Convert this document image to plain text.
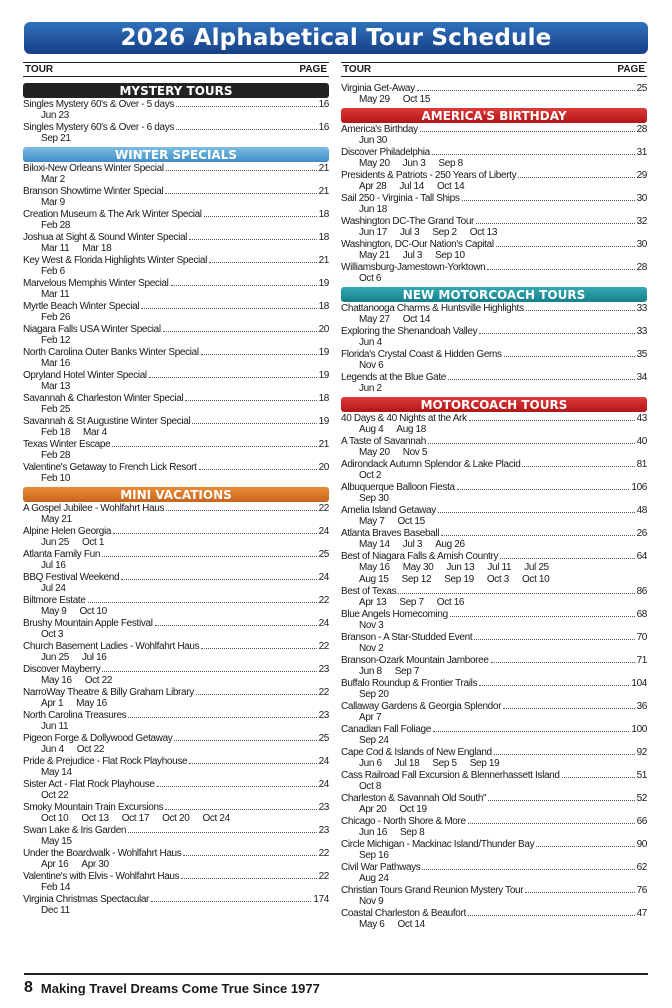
2026 Alphabetical Tour Schedule
TOUR	PAGE
MYSTERY TOURS
Singles Mystery 60's & Over - 5 days	16
Jun 23
Singles Mystery 60's & Over - 6 days	16
Sep 21
WINTER SPECIALS
Biloxi-New Orleans Winter Special	21
Mar 2
Branson Showtime Winter Special	21
Mar 9
Creation Museum & The Ark Winter Special	18
Feb 28
Joshua at Sight & Sound Winter Special	18
Mar 11 Mar 18
Key West & Florida Highlights Winter Special	21
Feb 6
Marvelous Memphis Winter Special	19
Mar 11
Myrtle Beach Winter Special	18
Feb 26
Niagara Falls USA Winter Special	20
Feb 12
North Carolina Outer Banks Winter Special	19
Mar 16
Opryland Hotel Winter Special	19
Mar 13
Savannah & Charleston Winter Special	18
Feb 25
Savannah & St Augustine Winter Special	19
Feb 18 Mar 4
Texas Winter Escape	21
Feb 28
Valentine's Getaway to French Lick Resort	20
Feb 10
MINI VACATIONS
A Gospel Jubilee - Wohlfahrt Haus	22
May 21
Alpine Helen Georgia	24
Jun 25 Oct 1
Atlanta Family Fun	25
Jul 16
BBQ Festival Weekend	24
Jul 24
Biltmore Estate	22
May 9 Oct 10
Brushy Mountain Apple Festival	24
Oct 3
Church Basement Ladies - Wohlfahrt Haus	22
Jun 25 Jul 16
Discover Mayberry	23
May 16 Oct 22
NarroWay Theatre & Billy Graham Library	22
Apr 1 May 16
North Carolina Treasures	23
Jun 11
Pigeon Forge & Dollywood Getaway	25
Jun 4 Oct 22
Pride & Prejudice - Flat Rock Playhouse	24
May 14
Sister Act - Flat Rock Playhouse	24
Oct 22
Smoky Mountain Train Excursions	23
Oct 10 Oct 13 Oct 17 Oct 20 Oct 24
Swan Lake & Iris Garden	23
May 15
Under the Boardwalk - Wohlfahrt Haus	22
Apr 16 Apr 30
Valentine's with Elvis - Wohlfahrt Haus	22
Feb 14
Virginia Christmas Spectacular	174
Dec 11
TOUR	PAGE
Virginia Get-Away	25
May 29 Oct 15
AMERICA'S BIRTHDAY
America's Birthday	28
Jun 30
Discover Philadelphia	31
May 20 Jun 3 Sep 8
Presidents & Patriots - 250 Years of Liberty	29
Apr 28 Jul 14 Oct 14
Sail 250 - Virginia - Tall Ships	30
Jun 18
Washington DC-The Grand Tour	32
Jun 17 Jul 3 Sep 2 Oct 13
Washington, DC-Our Nation's Capital	30
May 21 Jul 3 Sep 10
Williamsburg-Jamestown-Yorktown	28
Oct 6
NEW MOTORCOACH TOURS
Chattanooga Charms & Huntsville Highlights	33
May 27 Oct 14
Exploring the Shenandoah Valley	33
Jun 4
Florida's Crystal Coast & Hidden Gems	35
Nov 6
Legends at the Blue Gate	34
Jun 2
MOTORCOACH TOURS
40 Days & 40 Nights at the Ark	43
Aug 4 Aug 18
A Taste of Savannah	40
May 20 Nov 5
Adirondack Autumn Splendor & Lake Placid	81
Oct 2
Albuquerque Balloon Fiesta	106
Sep 30
Amelia Island Getaway	48
May 7 Oct 15
Atlanta Braves Baseball	26
May 14 Jul 3 Aug 26
Best of Niagara Falls & Amish Country	64
May 16 May 30 Jun 13 Jul 11 Jul 25
Aug 15 Sep 12 Sep 19 Oct 3 Oct 10
Best of Texas	86
Apr 13 Sep 7 Oct 16
Blue Angels Homecoming	68
Nov 3
Branson - A Star-Studded Event	70
Nov 2
Branson-Ozark Mountain Jamboree	71
Jun 8 Sep 7
Buffalo Roundup & Frontier Trails	104
Sep 20
Callaway Gardens & Georgia Splendor	36
Apr 7
Canadian Fall Foliage	100
Sep 24
Cape Cod & Islands of New England	92
Jun 6 Jul 18 Sep 5 Sep 19
Cass Railroad Fall Excursion & Blennerhassett Island	51
Oct 8
Charleston & Savannah Old South"	52
Apr 20 Oct 19
Chicago - North Shore & More	66
Jun 16 Sep 8
Circle Michigan - Mackinac Island/Thunder Bay	90
Sep 16
Civil War Pathways	62
Aug 24
Christian Tours Grand Reunion Mystery Tour	76
Nov 9
Coastal Charleston & Beaufort	47
May 6 Oct 14
8 Making Travel Dreams Come True Since 1977
